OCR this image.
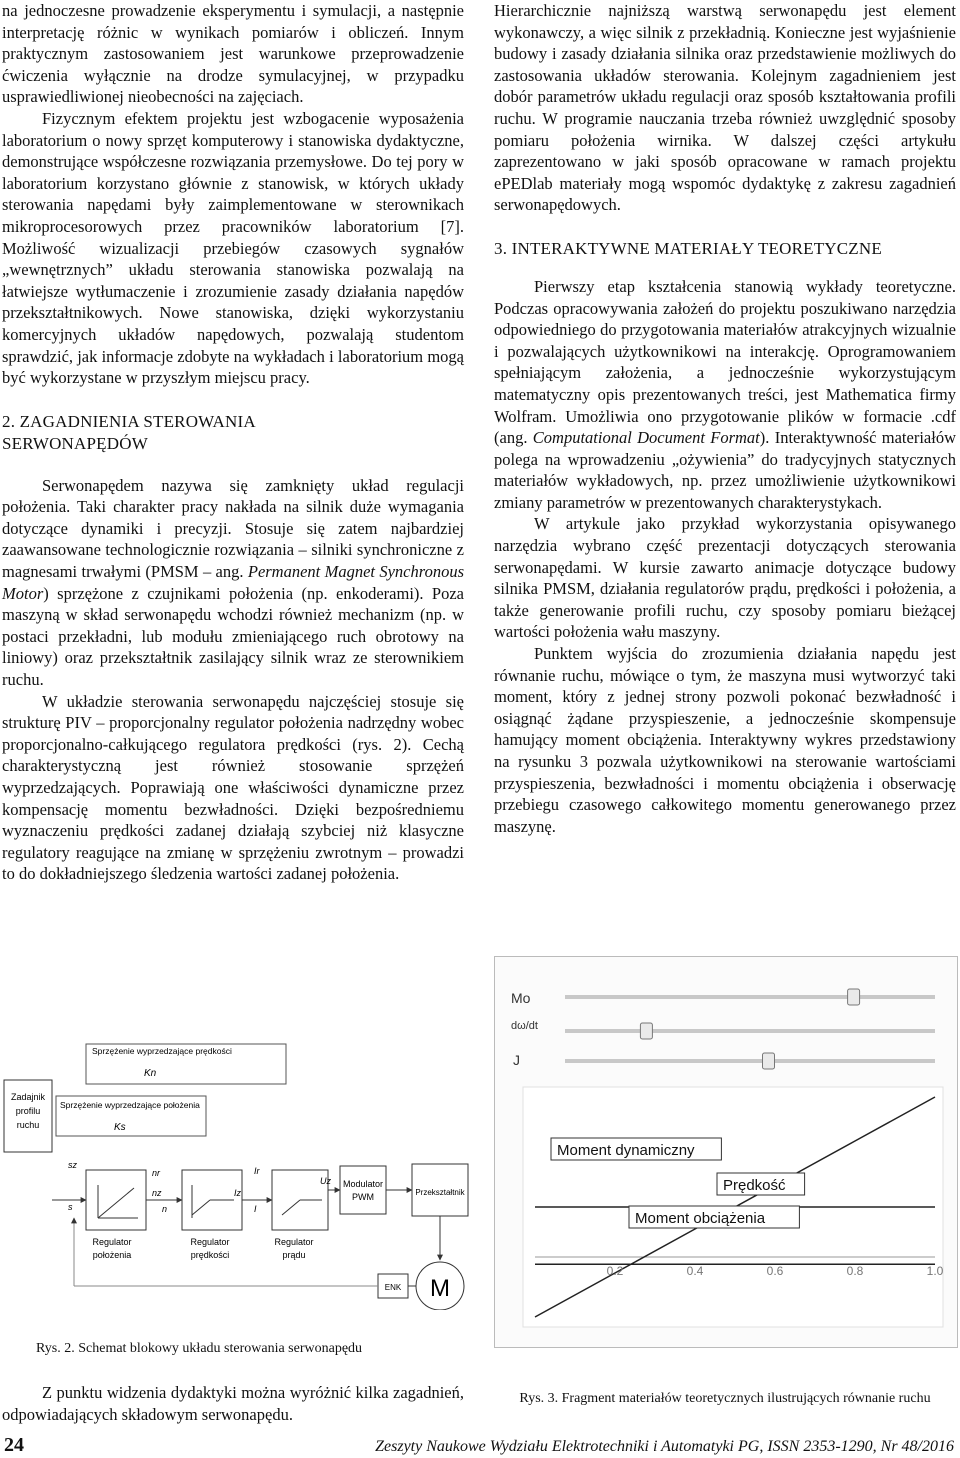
na jednoczesne prowadzenie eksperymentu i symulacji, a następnie interpretację różnic w wynikach pomiarów i obliczeń. Innym praktycznym zastosowaniem jest warunkowe przeprowadzenie ćwiczenia wyłącznie na drodze symulacyjnej, w przypadku usprawiedliwionej nieobecności na zajęciach.

Fizycznym efektem projektu jest wzbogacenie wyposażenia laboratorium o nowy sprzęt komputerowy i stanowiska dydaktyczne, demonstrujące współczesne rozwiązania przemysłowe. Do tej pory w laboratorium korzystano głównie z stanowisk, w których układy sterowania napędami były zaimplementowane w sterownikach mikroprocesorowych przez pracowników laboratorium [7]. Możliwość wizualizacji przebiegów czasowych sygnałów „wewnętrznych” układu sterowania stanowiska pozwalają na łatwiejsze wytłumaczenie i zrozumienie zasady działania napędów przekształtnikowych. Nowe stanowiska, dzięki wykorzystaniu komercyjnych układów napędowych, pozwalają studentom sprawdzić, jak informacje zdobyte na wykładach i laboratorium mogą być wykorzystane w przyszłym miejscu pracy.

2. ZAGADNIENIA STEROWANIA
SERWONAPĘDÓW

Serwonapędem nazywa się zamknięty układ regulacji położenia. Taki charakter pracy nakłada na silnik duże wymagania dotyczące dynamiki i precyzji. Stosuje się zatem najbardziej zaawansowane technologicznie rozwiązania – silniki synchroniczne z magnesami trwałymi (PMSM – ang. Permanent Magnet Synchronous Motor) sprzężone z czujnikami położenia (np. enkoderami). Poza maszyną w skład serwonapędu wchodzi również mechanizm (np. w postaci przekładni, lub modułu zmieniającego ruch obrotowy na liniowy) oraz przekształtnik zasilający silnik wraz ze sterownikiem ruchu.

W układzie sterowania serwonapędu najczęściej stosuje się strukturę PIV – proporcjonalny regulator położenia nadrzędny wobec proporcjonalno-całkującego regulatora prędkości (rys. 2). Cechą charakterystyczną jest również stosowanie sprzężeń wyprzedzających. Poprawiają one właściwości dynamiczne przez kompensację momentu bezwładności. Dzięki bezpośredniemu wyznaczeniu prędkości zadanej działają szybciej niż klasyczne regulatory reagujące na zmianę w sprzężeniu zwrotnym – prowadzi to do dokładniejszego śledzenia wartości zadanej położenia.

Sprzężenie wyprzedzające prędkości
Kn
Sprzężenie wyprzedzające położenia
Ks
Zadajnik
profilu
ruchu
sz
s
Regulator
położenia
nr
nz
n
Regulator
prędkości
Ir
Iz
I
Regulator
prądu
Uz Modulator
PWM	Przekształtnik
M
ENK
Rys. 2. Schemat blokowy układu sterowania serwonapędu

Z punktu widzenia dydaktyki można wyróżnić kilka zagadnień, odpowiadających składowym serwonapędu.

Hierarchicznie najniższą warstwą serwonapędu jest element wykonawczy, a więc silnik z przekładnią. Konieczne jest wyjaśnienie budowy i zasady działania silnika oraz przedstawienie możliwych do zastosowania układów sterowania. Kolejnym zagadnieniem jest dobór parametrów układu regulacji oraz sposób kształtowania profili ruchu. W programie nauczania trzeba również uwzględnić sposoby pomiaru położenia wirnika. W dalszej części artykułu zaprezentowano w jaki sposób opracowane w ramach projektu ePEDlab materiały mogą wspomóc dydaktykę z zakresu zagadnień serwonapędowych.

3. INTERAKTYWNE MATERIAŁY TEORETYCZNE

Pierwszy etap kształcenia stanowią wykłady teoretyczne. Podczas opracowywania założeń do projektu poszukiwano narzędzia odpowiedniego do przygotowania materiałów atrakcyjnych wizualnie i pozwalających użytkownikowi na interakcję. Oprogramowaniem spełniającym założenia, a jednocześnie wykorzystującym matematyczny opis prezentowanych treści, jest Mathematica firmy Wolfram. Umożliwia ono przygotowanie plików w formacie .cdf (ang. Computational Document Format). Interaktywność materiałów polega na wprowadzeniu „ożywienia” do tradycyjnych statycznych materiałów wykładowych, np. przez umożliwienie użytkownikowi zmiany parametrów w prezentowanych charakterystykach.

W artykule jako przykład wykorzystania opisywanego narzędzia wybrano część prezentacji dotyczących sterowania serwonapędami. W kursie zawarto animacje dotyczące budowy silnika PMSM, działania regulatorów prądu, prędkości i położenia, a także generowanie profili ruchu, czy sposoby pomiaru bieżącej wartości położenia wału maszyny.

Punktem wyjścia do zrozumienia działania napędu jest równanie ruchu, mówiące o tym, że maszyna musi wytworzyć taki moment, który z jednej strony pozwoli pokonać bezwładność i osiągnąć żądane przyspieszenie, a jednocześnie skompensuje hamujący moment obciążenia. Interaktywny wykres przedstawiony na rysunku 3 pozwala użytkownikowi na sterowanie wartościami przyspieszenia, bezwładności i momentu obciążenia i obserwację przebiegu czasowego całkowitego momentu generowanego przez maszynę.

Mo
dω/dt
J
Moment dynamiczny
Prędkość
Moment obciążenia
0.2	0.4	0.6	0.8	1.0
Rys. 3. Fragment materiałów teoretycznych ilustrujących równanie ruchu
24	Zeszyty Naukowe Wydziału Elektrotechniki i Automatyki PG, ISSN 2353-1290, Nr 48/2016
